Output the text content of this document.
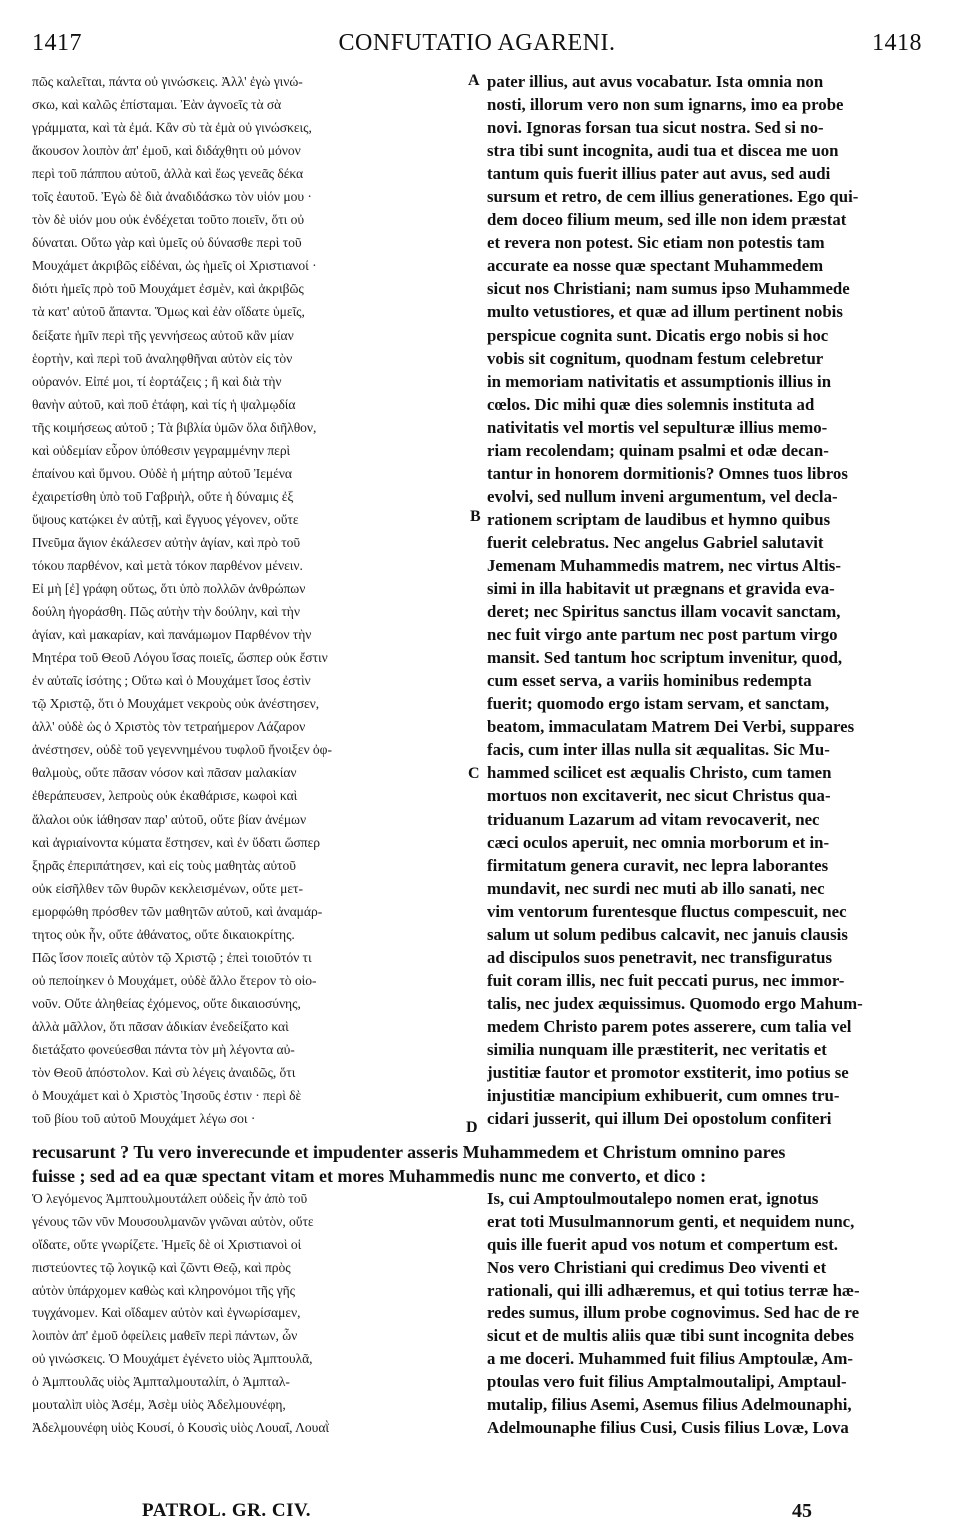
1417	CONFUTATIO AGARENI.	1418
πῶς καλεῖται, πάντα οὐ γινώσκεις. Ἀλλ' ἐγὼ γινώ-
σκω, καὶ καλῶς ἐπίσταμαι. Ἐὰν ἀγνοεῖς τὰ σὰ
γράμματα, καὶ τὰ ἐμά. Κἂν σὺ τὰ ἐμὰ οὐ γινώσκεις,
ἄκουσον λοιπὸν ἀπ' ἐμοῦ, καὶ διδάχθητι οὐ μόνον
περὶ τοῦ πάππου αὐτοῦ, ἀλλὰ καὶ ἕως γενεᾶς δέκα
τοῖς ἑαυτοῦ. Ἐγὼ δὲ διὰ ἀναδιδάσκω τὸν υἱόν μου ·
τὸν δὲ υἱόν μου οὐκ ἐνδέχεται τοῦτο ποιεῖν, ὅτι οὐ
δύναται. Οὕτω γὰρ καὶ ὑμεῖς οὐ δύνασθε περὶ τοῦ
Μουχάμετ ἀκριβῶς εἰδέναι, ὡς ἡμεῖς οἱ Χριστιανοί ·
διότι ἡμεῖς πρὸ τοῦ Μουχάμετ ἐσμὲν, καὶ ἀκριβῶς
τὰ κατ' αὐτοῦ ἅπαντα. Ὅμως καὶ ἐὰν οἴδατε ὑμεῖς,
δείξατε ἡμῖν περὶ τῆς γεννήσεως αὐτοῦ κἂν μίαν
ἑορτὴν, καὶ περὶ τοῦ ἀναληφθῆναι αὐτὸν εἰς τὸν
οὐρανόν. Εἰπέ μοι, τί ἑορτάζεις ; ἢ καὶ διὰ τὴν
θανὴν αὐτοῦ, καὶ ποῦ ἐτάφη, καὶ τίς ἡ ψαλμῳδία
τῆς κοιμήσεως αὐτοῦ ; Τὰ βιβλία ὑμῶν ὅλα διῆλθον,
καὶ οὐδεμίαν εὗρον ὑπόθεσιν γεγραμμένην περὶ
ἐπαίνου καὶ ὕμνου. Οὐδὲ ἡ μήτηρ αὐτοῦ Ἰεμένα
ἐχαιρετίσθη ὑπὸ τοῦ Γαβριὴλ, οὔτε ἡ δύναμις ἐξ
ὕψους κατῴκει ἐν αὐτῇ, καὶ ἔγγυος γέγονεν, οὔτε
Πνεῦμα ἅγιον ἐκάλεσεν αὐτὴν ἁγίαν, καὶ πρὸ τοῦ
τόκου παρθένον, καὶ μετὰ τόκον παρθένον μένειν.
Εἰ μὴ [ἐ] γράφη οὕτως, ὅτι ὑπὸ πολλῶν ἀνθρώπων
δούλη ἠγοράσθη. Πῶς αὐτὴν τὴν δούλην, καὶ τὴν
ἁγίαν, καὶ μακαρίαν, καὶ πανάμωμον Παρθένον τὴν
Μητέρα τοῦ Θεοῦ Λόγου ἴσας ποιεῖς, ὥσπερ οὐκ ἔστιν
ἐν αὐταῖς ἰσότης ; Οὕτω καὶ ὁ Μουχάμετ ἴσος ἐστὶν
τῷ Χριστῷ, ὅτι ὁ Μουχάμετ νεκροὺς οὐκ ἀνέστησεν,
ἀλλ' οὐδὲ ὡς ὁ Χριστὸς τὸν τετραήμερον Λάζαρον
ἀνέστησεν, οὐδὲ τοῦ γεγεννημένου τυφλοῦ ἤνοιξεν ὀφ-
θαλμοὺς, οὔτε πᾶσαν νόσον καὶ πᾶσαν μαλακίαν
ἐθεράπευσεν, λεπροὺς οὐκ ἐκαθάρισε, κωφοὶ καὶ
ἄλαλοι οὐκ ἰάθησαν παρ' αὐτοῦ, οὔτε βίαν ἀνέμων
καὶ ἀγριαίνοντα κύματα ἔστησεν, καὶ ἐν ὕδατι ὥσπερ
ξηρᾶς ἐπεριπάτησεν, καὶ εἰς τοὺς μαθητὰς αὐτοῦ
οὐκ εἰσῆλθεν τῶν θυρῶν κεκλεισμένων, οὔτε μετ-
εμορφώθη πρόσθεν τῶν μαθητῶν αὐτοῦ, καὶ ἀναμάρ-
τητος οὐκ ἦν, οὔτε ἀθάνατος, οὔτε δικαιοκρίτης.
Πῶς ἴσον ποιεῖς αὐτὸν τῷ Χριστῷ ; ἐπεὶ τοιοῦτόν τι
οὐ πεποίηκεν ὁ Μουχάμετ, οὐδὲ ἄλλο ἕτερον τὸ οἱο-
νοῦν. Οὔτε ἀληθείας ἐχόμενος, οὔτε δικαιοσύνης,
ἀλλὰ μᾶλλον, ὅτι πᾶσαν ἀδικίαν ἐνεδείξατο καὶ
διετάξατο φονεύεσθαι πάντα τὸν μὴ λέγοντα αὐ-
τὸν Θεοῦ ἀπόστολον. Καὶ σὺ λέγεις ἀναιδῶς, ὅτι
ὁ Μουχάμετ καὶ ὁ Χριστὸς Ἰησοῦς ἐστιν · περὶ δὲ
τοῦ βίου τοῦ αὐτοῦ Μουχάμετ λέγω σοι ·
pater illius, aut avus vocabatur. Ista omnia non
nosti, illorum vero non sum ignarns, imo ea probe
novi. Ignoras forsan tua sicut nostra. Sed si no-
stra tibi sunt incognita, audi tua et discea me uon
tantum quis fuerit illius pater aut avus, sed audi
sursum et retro, de cem illius generationes. Ego qui-
dem doceo filium meum, sed ille non idem præstat
et revera non potest. Sic etiam non potestis tam
accurate ea nosse quæ spectant Muhammedem
sicut nos Christiani; nam sumus ipso Muhammede
multo vetustiores, et quæ ad illum pertinent nobis
perspicue cognita sunt. Dicatis ergo nobis si hoc
vobis sit cognitum, quodnam festum celebretur
in memoriam nativitatis et assumptionis illius in
cœlos. Dic mihi quæ dies solemnis instituta ad
nativitatis vel mortis vel sepulturæ illius memo-
riam recolendam; quinam psalmi et odæ decan-
tantur in honorem dormitionis? Omnes tuos libros
evolvi, sed nullum inveni argumentum, vel decla-
rationem scriptam de laudibus et hymno quibus
fuerit celebratus. Nec angelus Gabriel salutavit
Jemenam Muhammedis matrem, nec virtus Altis-
simi in illa habitavit ut prægnans et gravida eva-
deret; nec Spiritus sanctus illam vocavit sanctam,
nec fuit virgo ante partum nec post partum virgo
mansit. Sed tantum hoc scriptum invenitur, quod,
cum esset serva, a variis hominibus redempta
fuerit; quomodo ergo istam servam, et sanctam,
beatom, immaculatam Matrem Dei Verbi, suppares
facis, cum inter illas nulla sit æqualitas. Sic Mu-
hammed scilicet est æqualis Christo, cum tamen
mortuos non excitaverit, nec sicut Christus qua-
triduanum Lazarum ad vitam revocaverit, nec
cæci oculos aperuit, nec omnia morborum et in-
firmitatum genera curavit, nec lepra laborantes
mundavit, nec surdi nec muti ab illo sanati, nec
vim ventorum furentesque fluctus compescuit, nec
salum ut solum pedibus calcavit, nec januis clausis
ad discipulos suos penetravit, nec transfiguratus
fuit coram illis, nec fuit peccati purus, nec immor-
talis, nec judex æquissimus. Quomodo ergo Mahum-
medem Christo parem potes asserere, cum talia vel
similia nunquam ille præstiterit, nec veritatis et
justitiæ fautor et promotor exstiterit, imo potius se
injustitiæ mancipium exhibuerit, cum omnes tru-
cidari jusserit, qui illum Dei opostolum confiteri
A
B
C
D
recusarunt ? Tu vero inverecunde et impudenter asseris Muhammedem et Christum omnino pares
fuisse ; sed ad ea quæ spectant vitam et mores Muhammedis nunc me converto, et dico :
Ὁ λεγόμενος Ἀμπτουλμουτάλεπ οὐδεὶς ἦν ἀπὸ τοῦ
γένους τῶν νῦν Μουσουλμανῶν γνῶναι αὐτὸν, οὔτε
οἴδατε, οὔτε γνωρίζετε. Ἡμεῖς δὲ οἱ Χριστιανοὶ οἱ
πιστεύοντες τῷ λογικῷ καὶ ζῶντι Θεῷ, καὶ πρὸς
αὐτὸν ὑπάρχομεν καθὼς καὶ κληρονόμοι τῆς γῆς
τυγχάνομεν. Καὶ οἴδαμεν αὐτὸν καὶ ἐγνωρίσαμεν,
λοιπὸν ἀπ' ἐμοῦ ὀφείλεις μαθεῖν περὶ πάντων, ὧν
οὐ γινώσκεις. Ὁ Μουχάμετ ἐγένετο υἱὸς Ἀμπτουλᾶ,
ὁ Ἀμπτουλᾶς υἱὸς Ἀμπταλμουταλίπ, ὁ Ἀμπταλ-
μουταλὶπ υἱὸς Ἀσέμ, Ἀσὲμ υἱὸς Ἀδελμουνέφη,
Ἀδελμουνέφη υἱὸς Κουσί, ὁ Κουσὶς υἱὸς Λουαΐ, Λουαῒ
Is, cui Amptoulmoutalepo nomen erat, ignotus
erat toti Musulmannorum genti, et nequidem nunc,
quis ille fuerit apud vos notum et compertum est.
Nos vero Christiani qui credimus Deo viventi et
rationali, qui illi adhæremus, et qui totius terræ hæ-
redes sumus, illum probe cognovimus. Sed hac de re
sicut et de multis aliis quæ tibi sunt incognita debes
a me doceri. Muhammed fuit filius Amptoulæ, Am-
ptoulas vero fuit filius Amptalmoutalipi, Amptaul-
mutalip, filius Asemi, Asemus filius Adelmounaphi,
Adelmounaphe filius Cusi, Cusis filius Lovæ, Lova
PATROL. GR. CIV.	45
